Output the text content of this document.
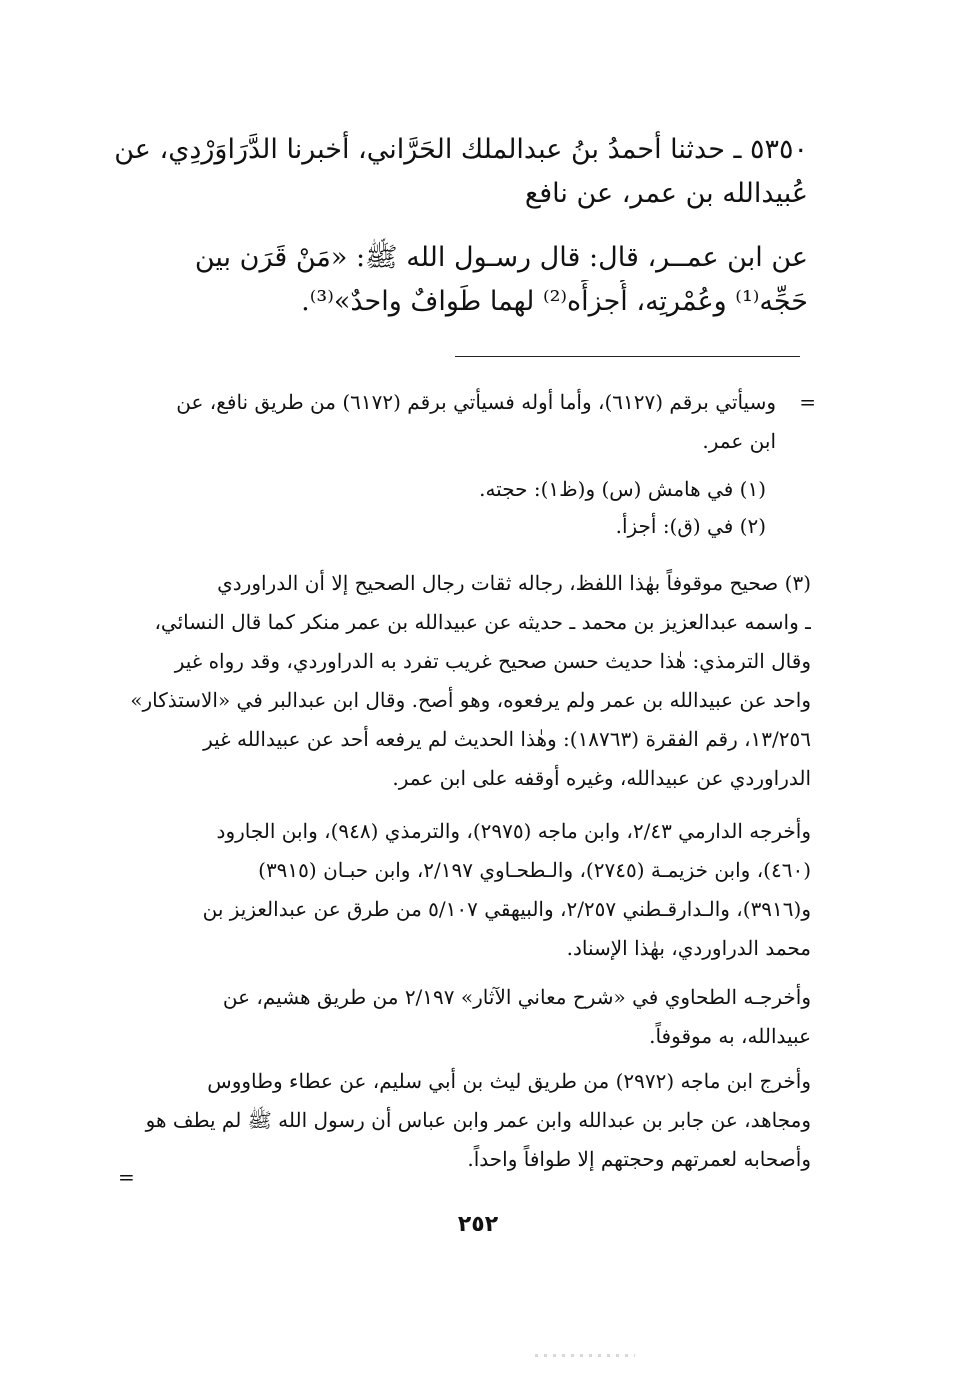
٥٣٥٠ ـ حدثنا أحمدُ بنُ عبدالملك الحَرَّاني، أخبرنا الدَّرَاوَرْدِي، عن
عُبيدالله بن عمر، عن نافع
عن ابن عمــر، قال: قال رسـول الله ﷺ: «مَنْ قَرَن بين
حَجِّه⁽¹⁾ وعُمْرتِه، أُجزأَه⁽²⁾ لهما طَوافٌ واحدٌ»⁽³⁾.
=
وسيأتي برقم (٦١٢٧)، وأما أوله فسيأتي برقم (٦١٧٢) من طريق نافع، عن
ابن عمر.
(١) في هامش (س) و(ظ١): حجته.
(٢) في (ق): أجزأ.
(٣) صحيح موقوفاً بهٰذا اللفظ، رجاله ثقات رجال الصحيح إلا أن الدراوردي
ـ واسمه عبدالعزيز بن محمد ـ حديثه عن عبيدالله بن عمر منكر كما قال النسائي،
وقال الترمذي: هٰذا حديث حسن صحيح غريب تفرد به الدراوردي، وقد رواه غير
واحد عن عبيدالله بن عمر ولم يرفعوه، وهو أصح. وقال ابن عبدالبر في «الاستذكار»
١٣/٢٥٦، رقم الفقرة (١٨٧٦٣): وهٰذا الحديث لم يرفعه أحد عن عبيدالله غير
الدراوردي عن عبيدالله، وغيره أوقفه على ابن عمر.
وأخرجه الدارمي ٢/٤٣، وابن ماجه (٢٩٧٥)، والترمذي (٩٤٨)، وابن الجارود
(٤٦٠)، وابن خزيمـة (٢٧٤٥)، والـطحـاوي ٢/١٩٧، وابن حبـان (٣٩١٥)
و(٣٩١٦)، والـدارقـطني ٢/٢٥٧، والبيهقي ٥/١٠٧ من طرق عن عبدالعزيز بن
محمد الدراوردي، بهٰذا الإسناد.
وأخرجـه الطحاوي في «شرح معاني الآثار» ٢/١٩٧ من طريق هشيم، عن
عبيدالله، به موقوفاً.
وأخرج ابن ماجه (٢٩٧٢) من طريق ليث بن أبي سليم، عن عطاء وطاووس
ومجاهد، عن جابر بن عبدالله وابن عمر وابن عباس أن رسول الله ﷺ لم يطف هو
وأصحابه لعمرتهم وحجتهم إلا طوافاً واحداً.
=
٢٥٢
